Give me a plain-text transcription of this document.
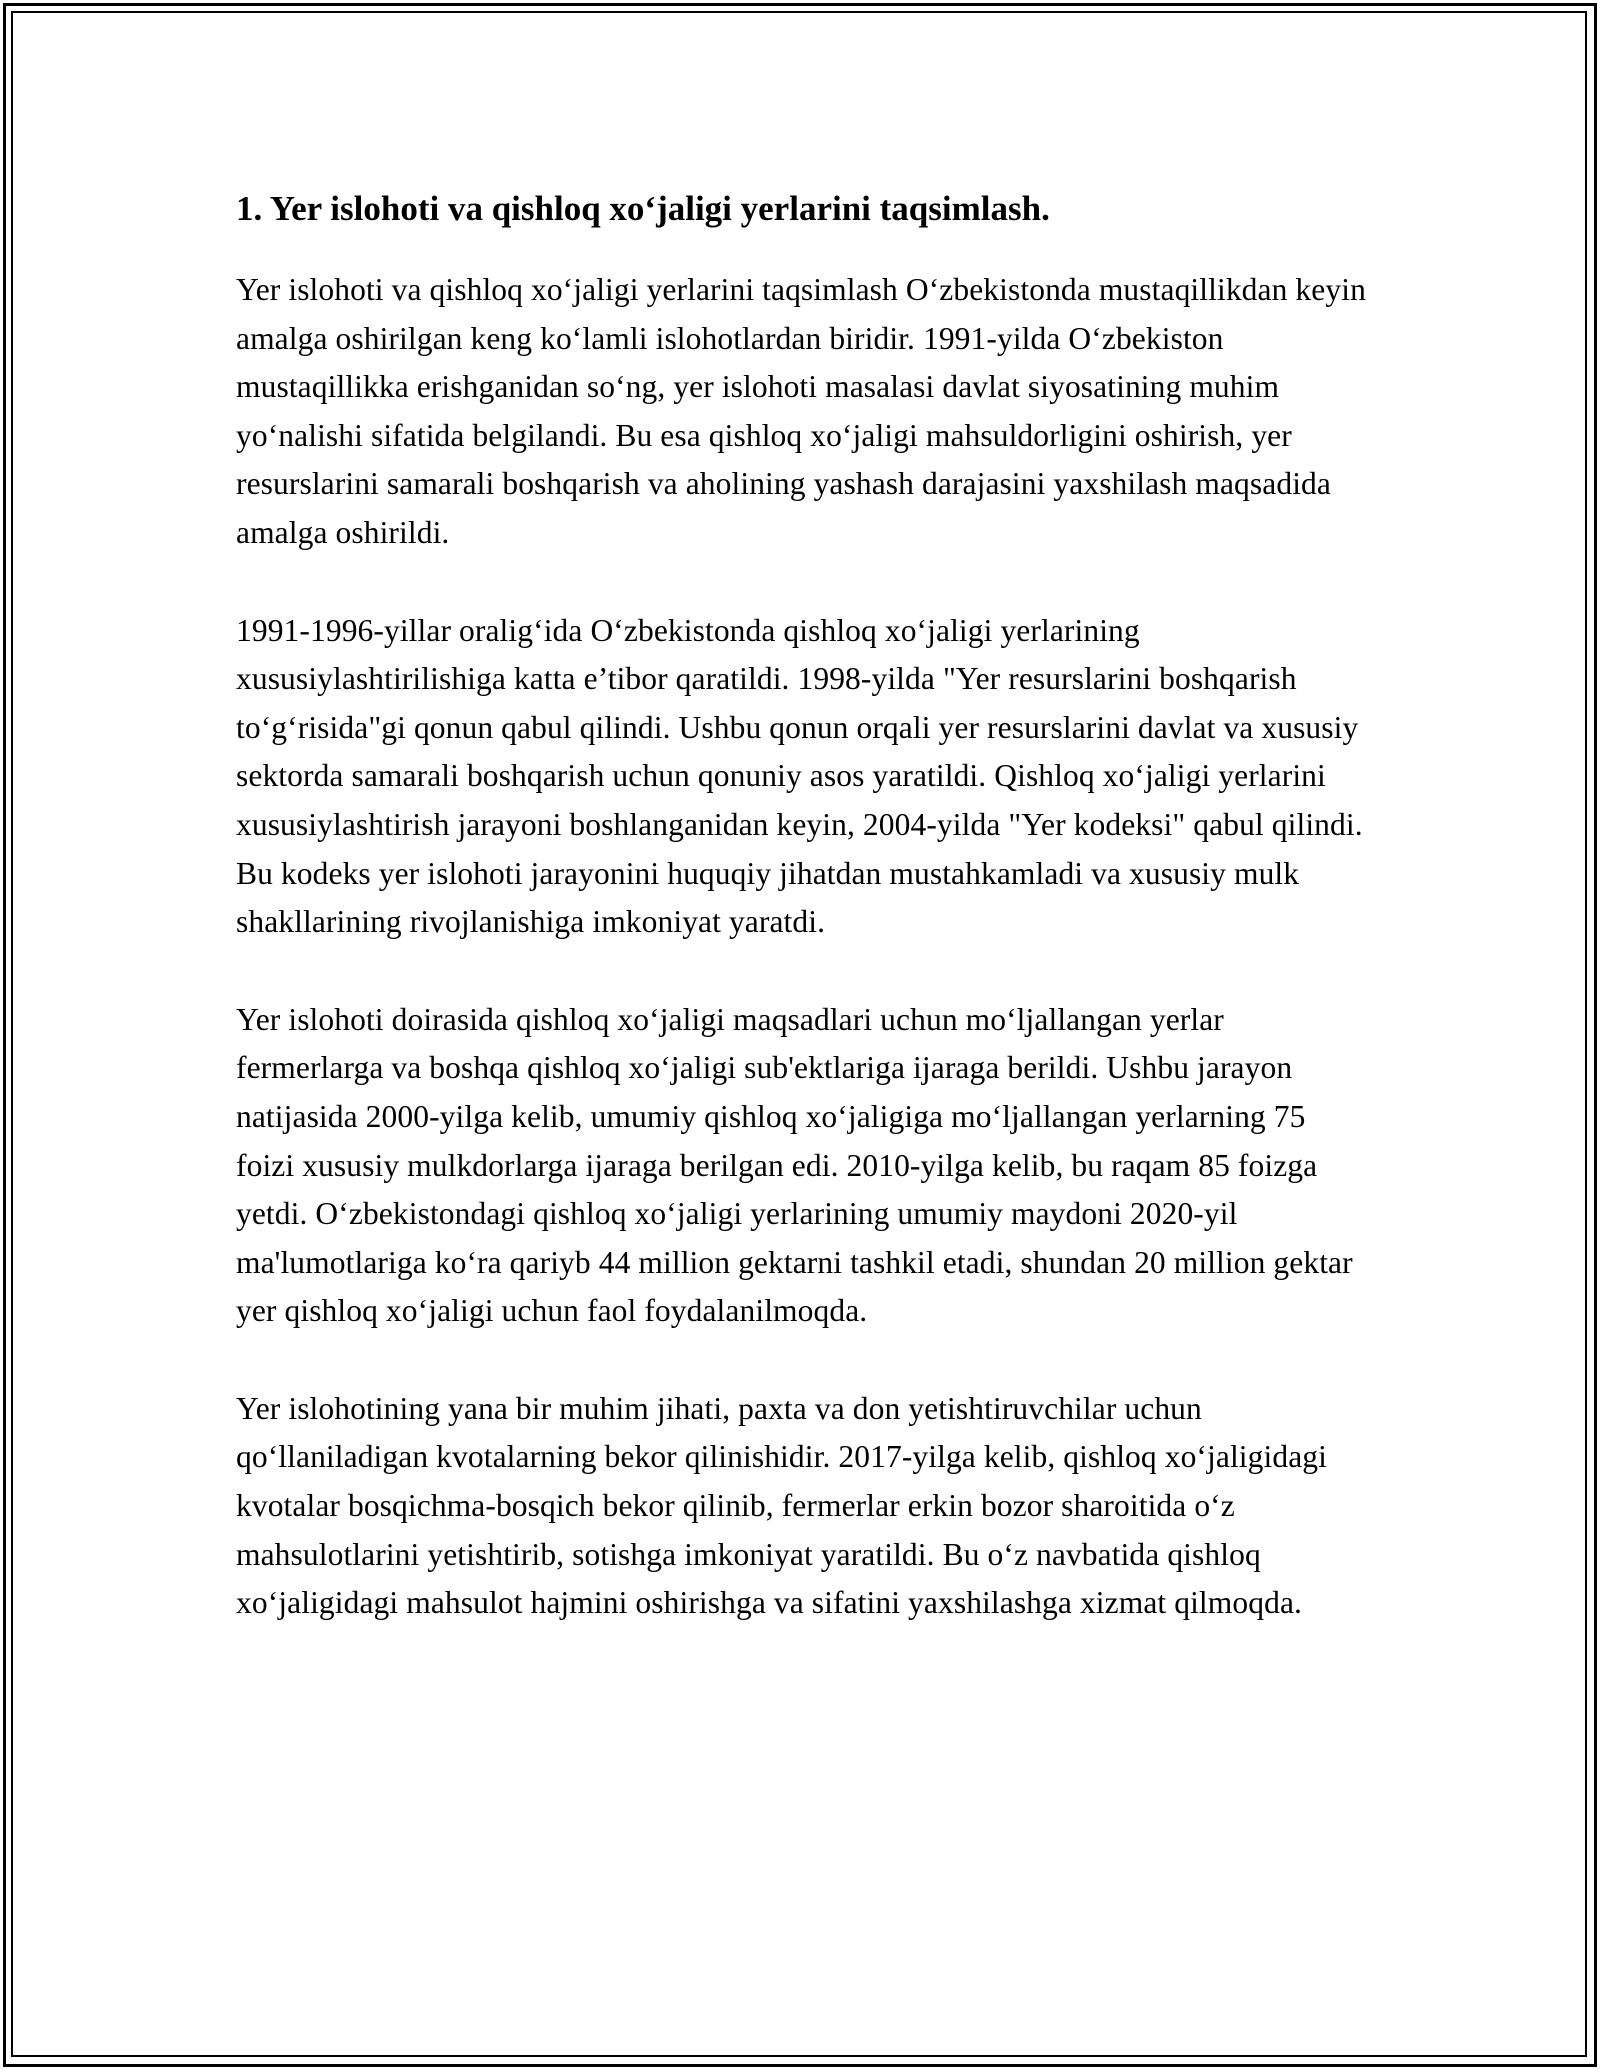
1. Yer islohoti va qishloq xo‘jaligi yerlarini taqsimlash.

Yer islohoti va qishloq xo‘jaligi yerlarini taqsimlash O‘zbekistonda mustaqillikdan keyin amalga oshirilgan keng ko‘lamli islohotlardan biridir. 1991-yilda O‘zbekiston mustaqillikka erishganidan so‘ng, yer islohoti masalasi davlat siyosatining muhim yo‘nalishi sifatida belgilandi. Bu esa qishloq xo‘jaligi mahsuldorligini oshirish, yer resurslarini samarali boshqarish va aholining yashash darajasini yaxshilash maqsadida amalga oshirildi.

1991-1996-yillar oralig‘ida O‘zbekistonda qishloq xo‘jaligi yerlarining xususiylashtirilishiga katta e’tibor qaratildi. 1998-yilda "Yer resurslarini boshqarish to‘g‘risida"gi qonun qabul qilindi. Ushbu qonun orqali yer resurslarini davlat va xususiy sektorda samarali boshqarish uchun qonuniy asos yaratildi. Qishloq xo‘jaligi yerlarini xususiylashtirish jarayoni boshlanganidan keyin, 2004-yilda "Yer kodeksi" qabul qilindi. Bu kodeks yer islohoti jarayonini huquqiy jihatdan mustahkamladi va xususiy mulk shakllarining rivojlanishiga imkoniyat yaratdi.

Yer islohoti doirasida qishloq xo‘jaligi maqsadlari uchun mo‘ljallangan yerlar fermerlarga va boshqa qishloq xo‘jaligi sub'ektlariga ijaraga berildi. Ushbu jarayon natijasida 2000-yilga kelib, umumiy qishloq xo‘jaligiga mo‘ljallangan yerlarning 75 foizi xususiy mulkdorlarga ijaraga berilgan edi. 2010-yilga kelib, bu raqam 85 foizga yetdi. O‘zbekistondagi qishloq xo‘jaligi yerlarining umumiy maydoni 2020-yil ma'lumotlariga ko‘ra qariyb 44 million gektarni tashkil etadi, shundan 20 million gektar yer qishloq xo‘jaligi uchun faol foydalanilmoqda.

Yer islohotining yana bir muhim jihati, paxta va don yetishtiruvchilar uchun qo‘llaniladigan kvotalarning bekor qilinishidir. 2017-yilga kelib, qishloq xo‘jaligidagi kvotalar bosqichma-bosqich bekor qilinib, fermerlar erkin bozor sharoitida o‘z mahsulotlarini yetishtirib, sotishga imkoniyat yaratildi. Bu o‘z navbatida qishloq xo‘jaligidagi mahsulot hajmini oshirishga va sifatini yaxshilashga xizmat qilmoqda.
